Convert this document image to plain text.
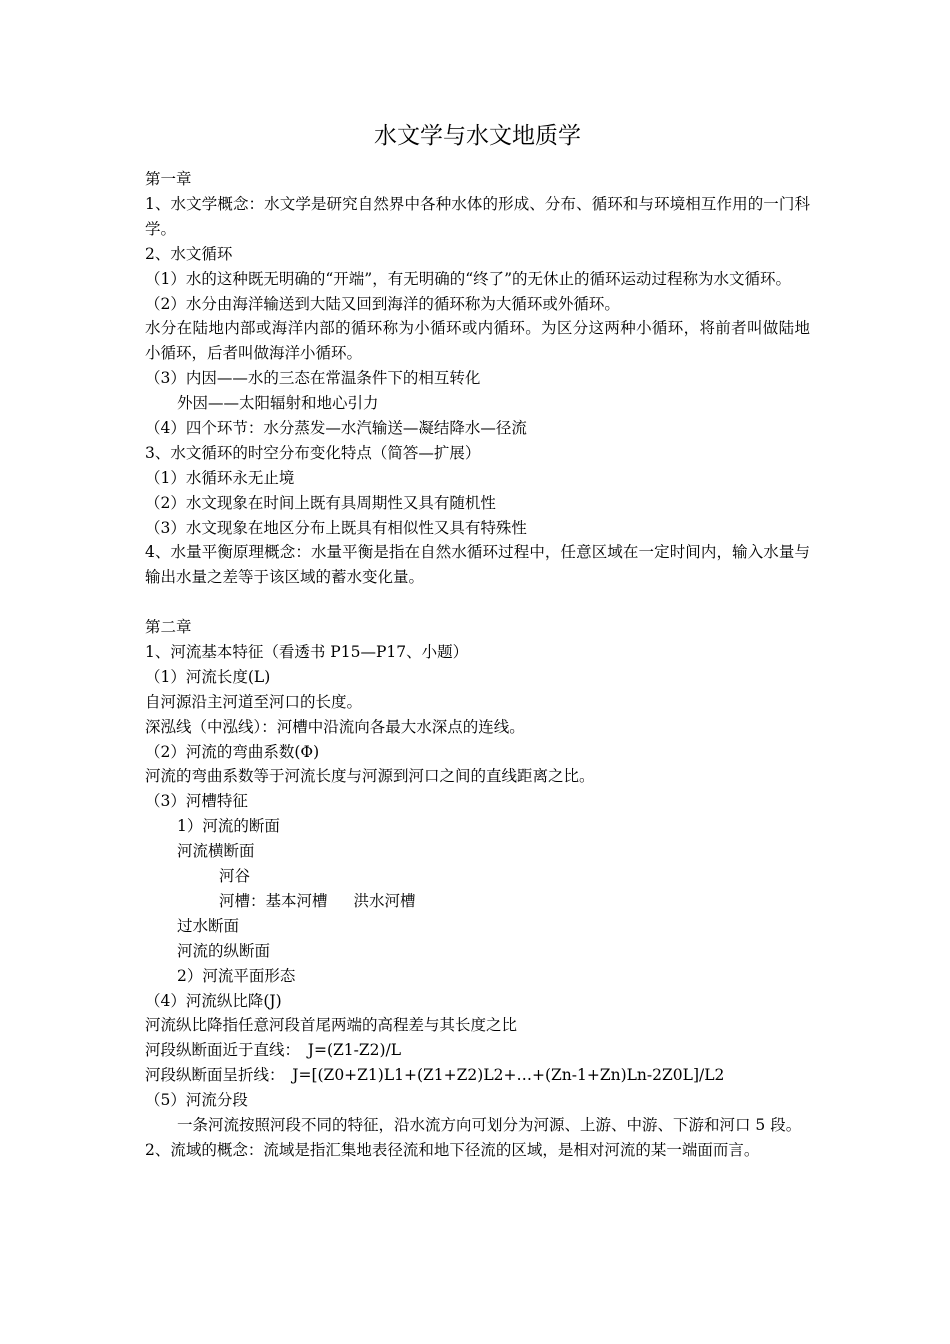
水文学与水文地质学
第一章
1、水文学概念：水文学是研究自然界中各种水体的形成、分布、循环和与环境相互作用的一门科学。
2、水文循环
（1）水的这种既无明确的“开端”，有无明确的“终了”的无休止的循环运动过程称为水文循环。
（2）水分由海洋输送到大陆又回到海洋的循环称为大循环或外循环。
水分在陆地内部或海洋内部的循环称为小循环或内循环。为区分这两种小循环，将前者叫做陆地小循环，后者叫做海洋小循环。
（3）内因——水的三态在常温条件下的相互转化
外因——太阳辐射和地心引力
（4）四个环节：水分蒸发—水汽输送—凝结降水—径流
3、水文循环的时空分布变化特点（简答—扩展）
（1）水循环永无止境
（2）水文现象在时间上既有具周期性又具有随机性
（3）水文现象在地区分布上既具有相似性又具有特殊性
4、水量平衡原理概念：水量平衡是指在自然水循环过程中，任意区域在一定时间内，输入水量与输出水量之差等于该区域的蓄水变化量。
第二章
1、河流基本特征（看透书 P15—P17、小题）
（1）河流长度(L)
自河源沿主河道至河口的长度。
深泓线（中泓线）：河槽中沿流向各最大水深点的连线。
（2）河流的弯曲系数(Φ)
河流的弯曲系数等于河流长度与河源到河口之间的直线距离之比。
（3）河槽特征
1）河流的断面
河流横断面
河谷
河槽：基本河槽 洪水河槽
过水断面
河流的纵断面
2）河流平面形态
（4）河流纵比降(J)
河流纵比降指任意河段首尾两端的高程差与其长度之比
河段纵断面近于直线：　J=(Z1-Z2)/L
河段纵断面呈折线：　J=[(Z0+Z1)L1+(Z1+Z2)L2+…+(Zn-1+Zn)Ln-2Z0L]/L2
（5）河流分段
一条河流按照河段不同的特征，沿水流方向可划分为河源、上游、中游、下游和河口 5 段。
2、流域的概念：流域是指汇集地表径流和地下径流的区域，是相对河流的某一端面而言。
